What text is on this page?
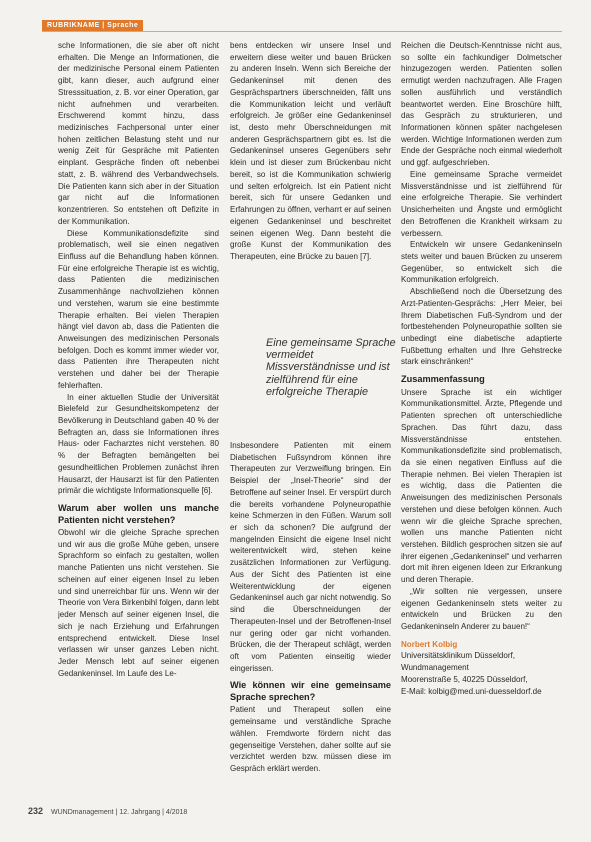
RUBRIKNAME | Sprache

sche Informationen, die sie aber oft nicht erhalten. Die Menge an Informationen, die der medizinische Personal einem Patienten gibt, kann dieser, auch aufgrund einer Stresssituation, z. B. vor einer Operation, gar nicht aufnehmen und verarbeiten. Erschwerend kommt hinzu, dass medizinisches Fachpersonal unter einer hohen zeitlichen Belastung steht und nur wenig Zeit für Gespräche mit Patienten einplant. Gespräche finden oft nebenbei statt, z. B. während des Verbandwechsels. Die Patienten kann sich aber in der Situation gar nicht auf die Informationen konzentrieren. So entstehen oft Defizite in der Kommunikation.

Diese Kommunikationsdefizite sind problematisch, weil sie einen negativen Einfluss auf die Behandlung haben können. Für eine erfolgreiche Therapie ist es wichtig, dass Patienten die medizinischen Zusammenhänge nachvollziehen können und verstehen, warum sie eine bestimmte Therapie erhalten. Bei vielen Therapien hängt viel davon ab, dass die Patienten die Anweisungen des medizinischen Personals befolgen. Doch es kommt immer wieder vor, dass Patienten ihre Therapeuten nicht verstehen und daher bei der Therapie fehlerhaften.

In einer aktuellen Studie der Universität Bielefeld zur Gesundheitskompetenz der Bevölkerung in Deutschland gaben 40 % der Befragten an, dass sie Informationen ihres Haus- oder Facharztes nicht verstehen. 80 % der Befragten bemängelten bei gesundheitlichen Problemen zunächst ihren Hausarzt, der Hausarzt ist für den Patienten primär die wichtigste Informationsquelle [6].

Warum aber wollen uns manche Patienten nicht verstehen?

Obwohl wir die gleiche Sprache sprechen und wir aus die große Mühe geben, unsere Sprachform so einfach zu gestalten, wollen manche Patienten uns nicht verstehen. Sie scheinen auf einer eigenen Insel zu leben und sind unerreichbar für uns. Wenn wir der Theorie von Vera Birkenbihl folgen, dann lebt jeder Mensch auf seiner eigenen Insel, die sich je nach Erziehung und Erfahrungen entsprechend entwickelt. Diese Insel verlassen wir unser ganzes Leben nicht. Jeder Mensch lebt auf seiner eigenen Gedankeninsel. Im Laufe des Le-

bens entdecken wir unsere Insel und erweitern diese weiter und bauen Brücken zu anderen Inseln. Wenn sich Bereiche der Gedankeninsel mit denen des Gesprächspartners überschneiden, fällt uns die Kommunikation leicht und verläuft erfolgreich. Je größer eine Gedankeninsel ist, desto mehr Überschneidungen mit anderen Gesprächspartnern gibt es. Ist die Gedankeninsel unseres Gegenübers sehr klein und ist dieser zum Brückenbau nicht bereit, so ist die Kommunikation schwierig und selten erfolgreich. Ist ein Patient nicht bereit, sich für unsere Gedanken und Erfahrungen zu öffnen, verharrt er auf seinen eigenen Gedankeninsel und beschreitet seinen eigenen Weg. Dann besteht die große Kunst der Kommunikation des Therapeuten, eine Brücke zu bauen [7].

Eine gemeinsame Sprache vermeidet Missverständnisse und ist zielführend für eine erfolgreiche Therapie

Insbesondere Patienten mit einem Diabetischen Fußsyndrom können ihre Therapeuten zur Verzweiflung bringen. Ein Beispiel der „Insel-Theorie“ sind der Betroffene auf seiner Insel. Er verspürt durch die bereits vorhandene Polyneuropathie keine Schmerzen in den Füßen. Warum soll er sich da schonen? Die aufgrund der mangelnden Einsicht die eigene Insel nicht weiterentwickelt wird, stehen keine zusätzlichen Informationen zur Verfügung. Aus der Sicht des Patienten ist eine Weiterentwicklung der eigenen Gedankeninsel auch gar nicht notwendig. So sind die Überschneidungen der Therapeuten-Insel und der Betroffenen-Insel nur gering oder gar nicht vorhanden. Brücken, die der Therapeut schlägt, werden oft vom Patienten einseitig wieder eingerissen.

Wie können wir eine gemeinsame Sprache sprechen?

Patient und Therapeut sollen eine gemeinsame und verständliche Sprache wählen. Fremdworte fördern nicht das gegenseitige Verstehen, daher sollte auf sie verzichtet werden bzw. müssen diese im Gespräch erklärt werden.

Reichen die Deutsch-Kenntnisse nicht aus, so sollte ein fachkundiger Dolmetscher hinzugezogen werden. Patienten sollen ermutigt werden nachzufragen. Alle Fragen sollen ausführlich und verständlich beantwortet werden. Eine Broschüre hilft, das Gespräch zu strukturieren, und Informationen können später nachgelesen werden. Wichtige Informationen werden zum Ende der Gespräche noch einmal wiederholt und ggf. aufgeschrieben.

Eine gemeinsame Sprache vermeidet Missverständnisse und ist zielführend für eine erfolgreiche Therapie. Sie verhindert Unsicherheiten und Ängste und ermöglicht den Betroffenen die Krankheit wirksam zu verbessern.

Entwickeln wir unsere Gedankeninseln stets weiter und bauen Brücken zu unserem Gegenüber, so entwickelt sich die Kommunikation erfolgreich.

Abschließend noch die Übersetzung des Arzt-Patienten-Gesprächs: „Herr Meier, bei Ihrem Diabetischen Fuß-Syndrom und der fortbestehenden Polyneuropathie sollten sie unbedingt eine diabetische adaptierte Fußbettung erhalten und Ihre Gehstrecke stark einschränken!“

Zusammenfassung

Unsere Sprache ist ein wichtiger Kommunikationsmittel. Ärzte, Pflegende und Patienten sprechen oft unterschiedliche Sprachen. Das führt dazu, dass Missverständnisse entstehen. Kommunikationsdefizite sind problematisch, da sie einen negativen Einfluss auf die Therapie nehmen. Bei vielen Therapien ist es wichtig, dass die Patienten die Anweisungen des medizinischen Personals verstehen und diese befolgen können. Auch wenn wir die gleiche Sprache sprechen, wollen uns manche Patienten nicht verstehen. Bildlich gesprochen sitzen sie auf ihrer eigenen „Gedankeninsel“ und verharren dort mit ihren eigenen Ideen zur Erkrankung und deren Therapie.

„Wir sollten nie vergessen, unsere eigenen Gedankeninseln stets weiter zu entwickeln und Brücken zu den Gedankeninseln Anderer zu bauen!“

Norbert Kolbig

Universitätsklinikum Düsseldorf,

Wundmanagement

Moorenstraße 5, 40225 Düsseldorf,

E-Mail: kolbig@med.uni-duesseldorf.de

232 WUNDmanagement | 12. Jahrgang | 4/2018
